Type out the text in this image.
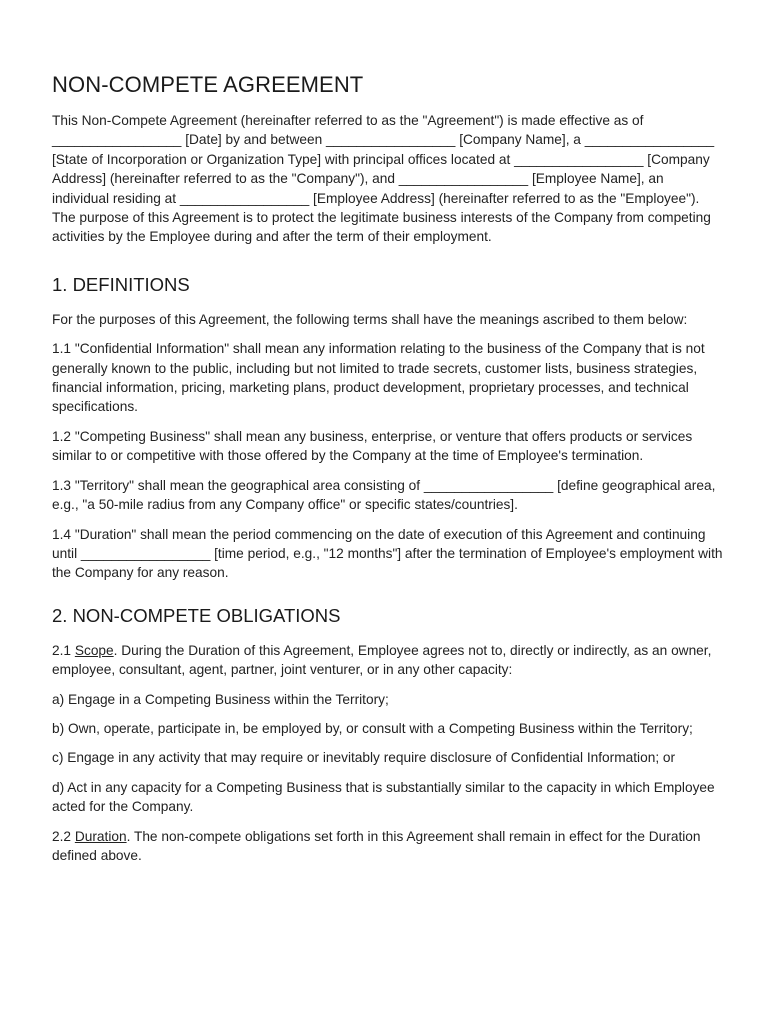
NON-COMPETE AGREEMENT

This Non-Compete Agreement (hereinafter referred to as the "Agreement") is made effective as of _________________ [Date] by and between _________________ [Company Name], a _________________ [State of Incorporation or Organization Type] with principal offices located at _________________ [Company Address] (hereinafter referred to as the "Company"), and _________________ [Employee Name], an individual residing at _________________ [Employee Address] (hereinafter referred to as the "Employee"). The purpose of this Agreement is to protect the legitimate business interests of the Company from competing activities by the Employee during and after the term of their employment.

1. DEFINITIONS

For the purposes of this Agreement, the following terms shall have the meanings ascribed to them below:

1.1 "Confidential Information" shall mean any information relating to the business of the Company that is not generally known to the public, including but not limited to trade secrets, customer lists, business strategies, financial information, pricing, marketing plans, product development, proprietary processes, and technical specifications.

1.2 "Competing Business" shall mean any business, enterprise, or venture that offers products or services similar to or competitive with those offered by the Company at the time of Employee's termination.

1.3 "Territory" shall mean the geographical area consisting of _________________ [define geographical area, e.g., "a 50-mile radius from any Company office" or specific states/countries].

1.4 "Duration" shall mean the period commencing on the date of execution of this Agreement and continuing until _________________ [time period, e.g., "12 months"] after the termination of Employee's employment with the Company for any reason.

2. NON-COMPETE OBLIGATIONS

2.1 Scope. During the Duration of this Agreement, Employee agrees not to, directly or indirectly, as an owner, employee, consultant, agent, partner, joint venturer, or in any other capacity:

a) Engage in a Competing Business within the Territory;

b) Own, operate, participate in, be employed by, or consult with a Competing Business within the Territory;

c) Engage in any activity that may require or inevitably require disclosure of Confidential Information; or

d) Act in any capacity for a Competing Business that is substantially similar to the capacity in which Employee acted for the Company.

2.2 Duration. The non-compete obligations set forth in this Agreement shall remain in effect for the Duration defined above.
